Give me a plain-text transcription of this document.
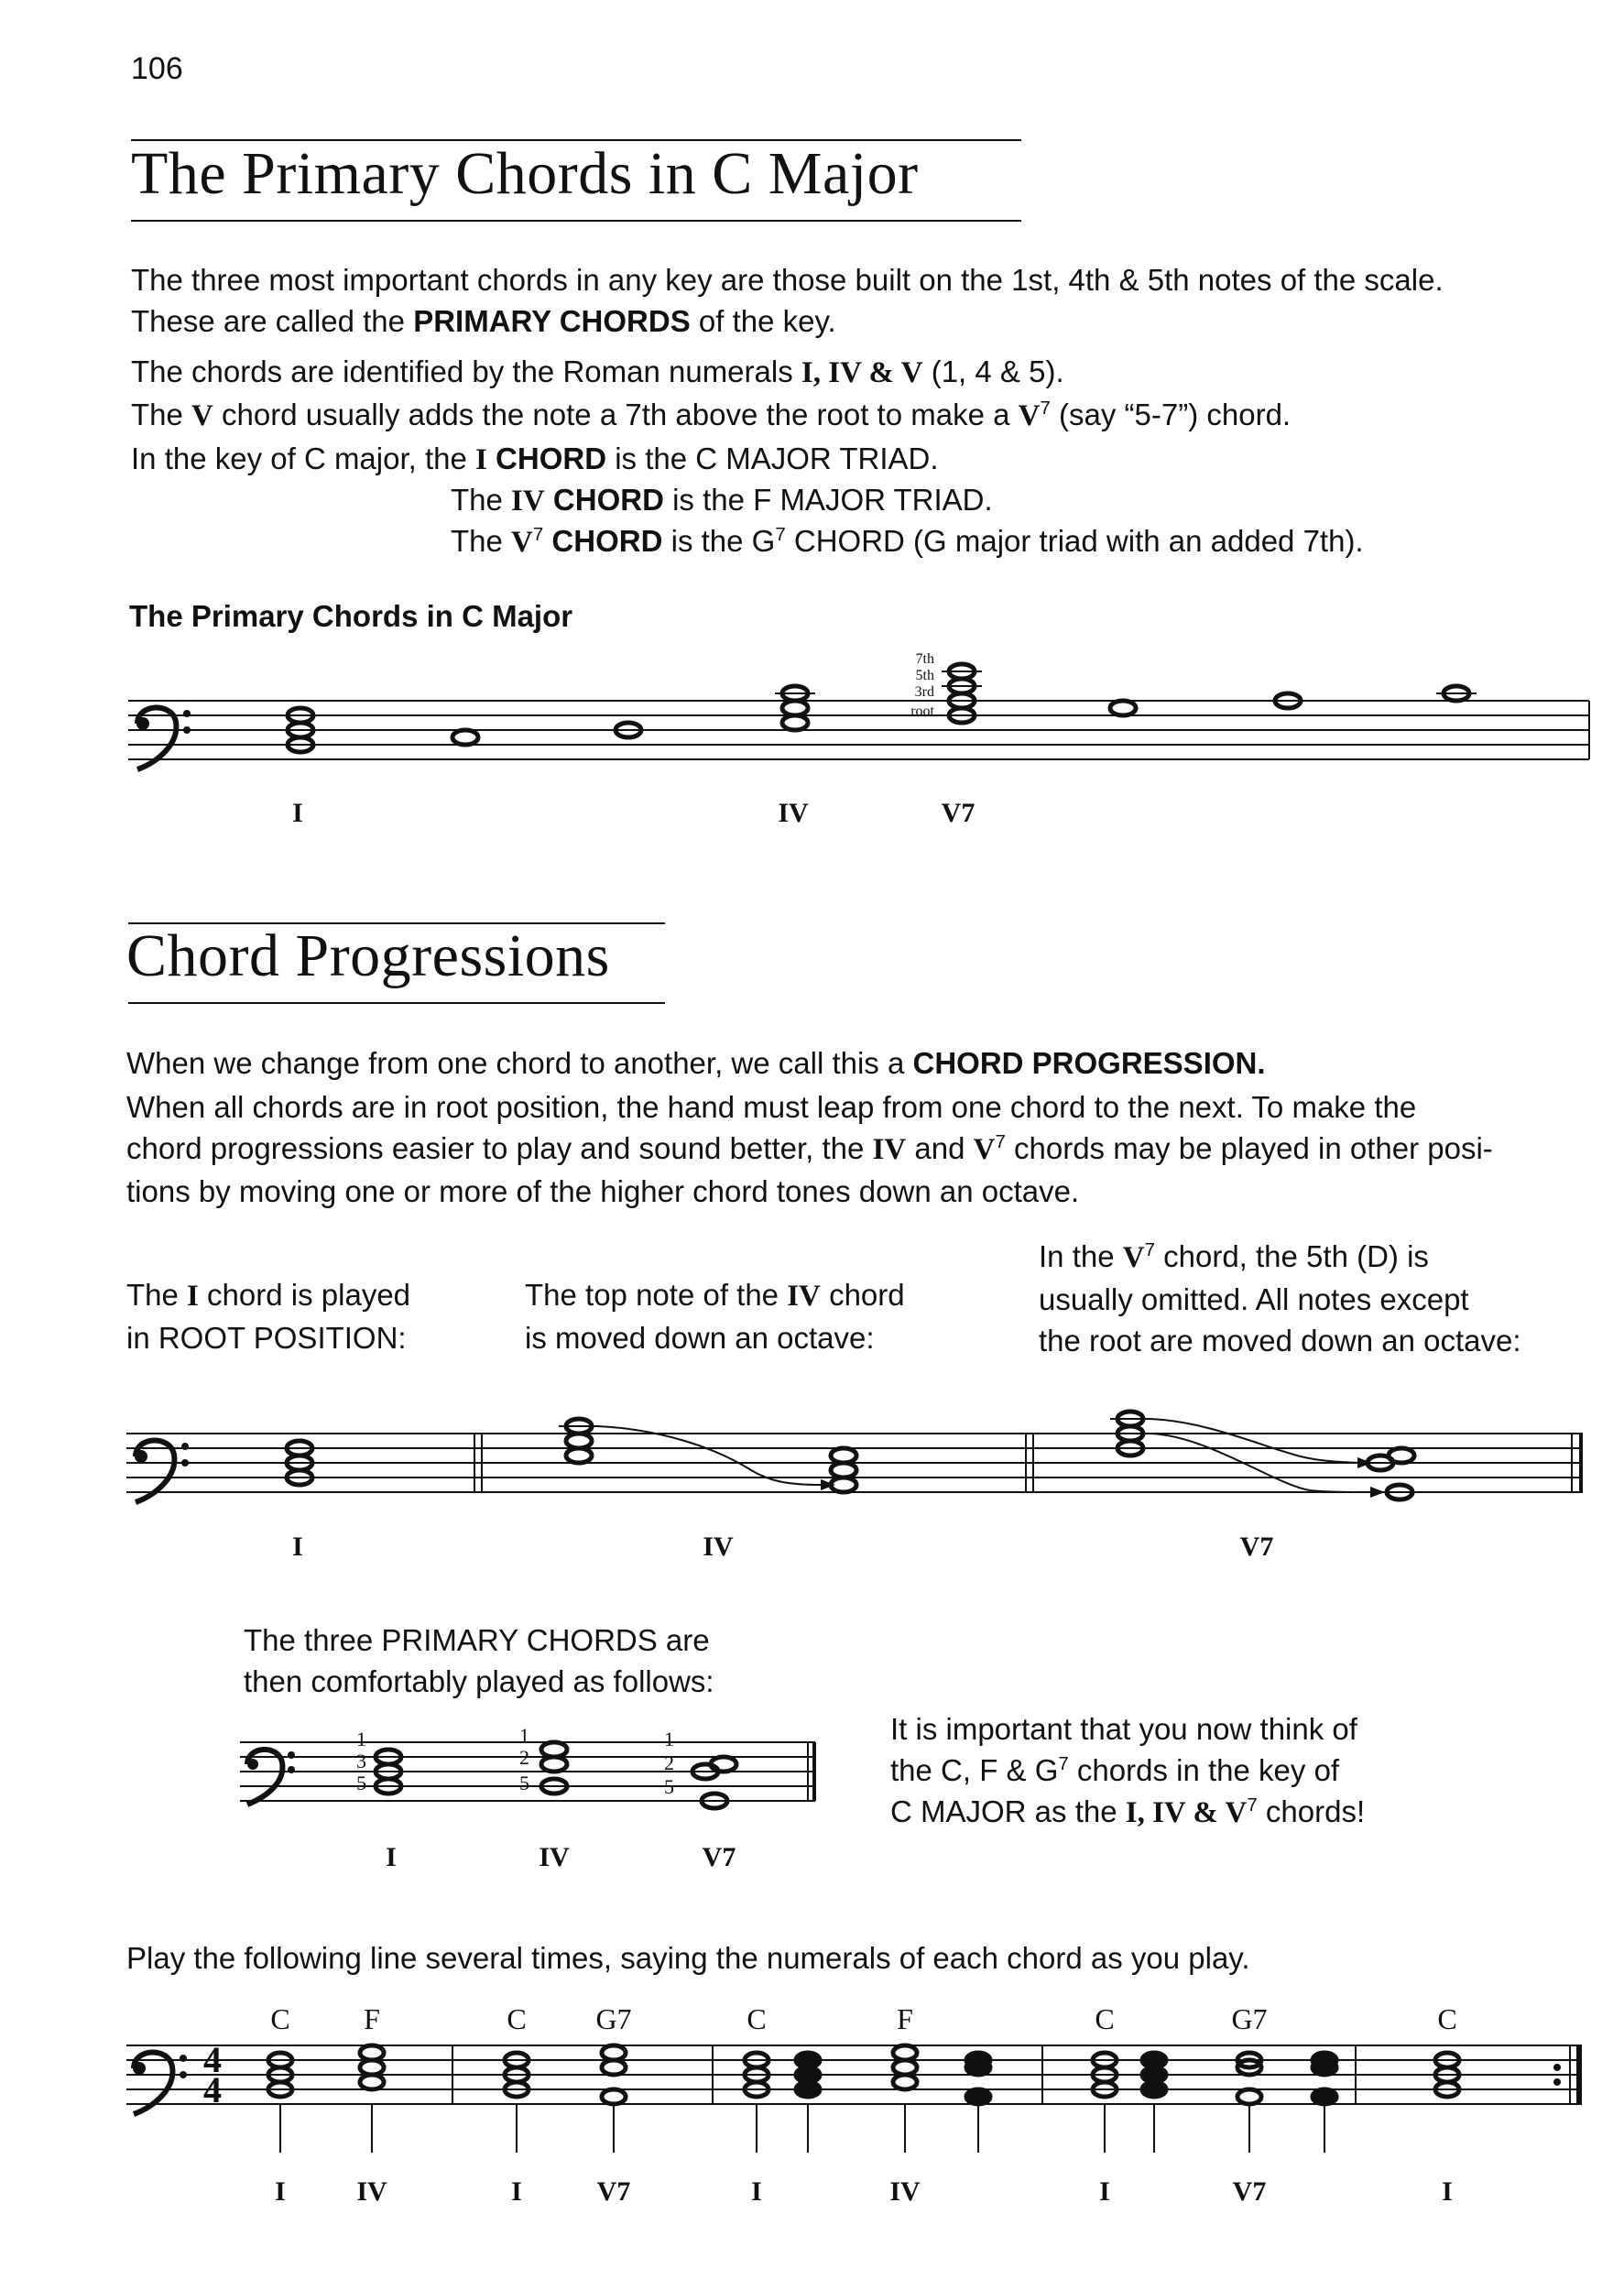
106
The Primary Chords in C Major
The three most important chords in any key are those built on the 1st, 4th & 5th notes of the scale.
These are called the PRIMARY CHORDS of the key.
The chords are identified by the Roman numerals I, IV & V (1, 4 & 5).
The V chord usually adds the note a 7th above the root to make a $V^7$ (say “5-7”) chord.
In the key of C major, the I CHORD is the C MAJOR TRIAD.
The IV CHORD is the F MAJOR TRIAD.
The $V^7$ CHORD is the $G^7$ CHORD (G major triad with an added 7th).
The Primary Chords in C Major
7th
5th
3rd
root
I	IV	V7
Chord Progressions
When we change from one chord to another, we call this a CHORD PROGRESSION.
When all chords are in root position, the hand must leap from one chord to the next. To make the
chord progressions easier to play and sound better, the IV and $V^7$ chords may be played in other posi-
tions by moving one or more of the higher chord tones down an octave.
The I chord is played
in ROOT POSITION:
The top note of the IV chord
is moved down an octave:
In the $V^7$ chord, the 5th (D) is
usually omitted. All notes except
the root are moved down an octave:
I	IV	V7
The three PRIMARY CHORDS are
then comfortably played as follows:
1
3
5
1
2
5
1
2
5
I	IV	V7
It is important that you now think of
the C, F & $G^7$ chords in the key of
C MAJOR as the I, IV & $V^7$ chords!
Play the following line several times, saying the numerals of each chord as you play.
C	F	C G7	C	F	C	G7	C
4
4
I	IV	I	V7	I	IV	I	V7	I
